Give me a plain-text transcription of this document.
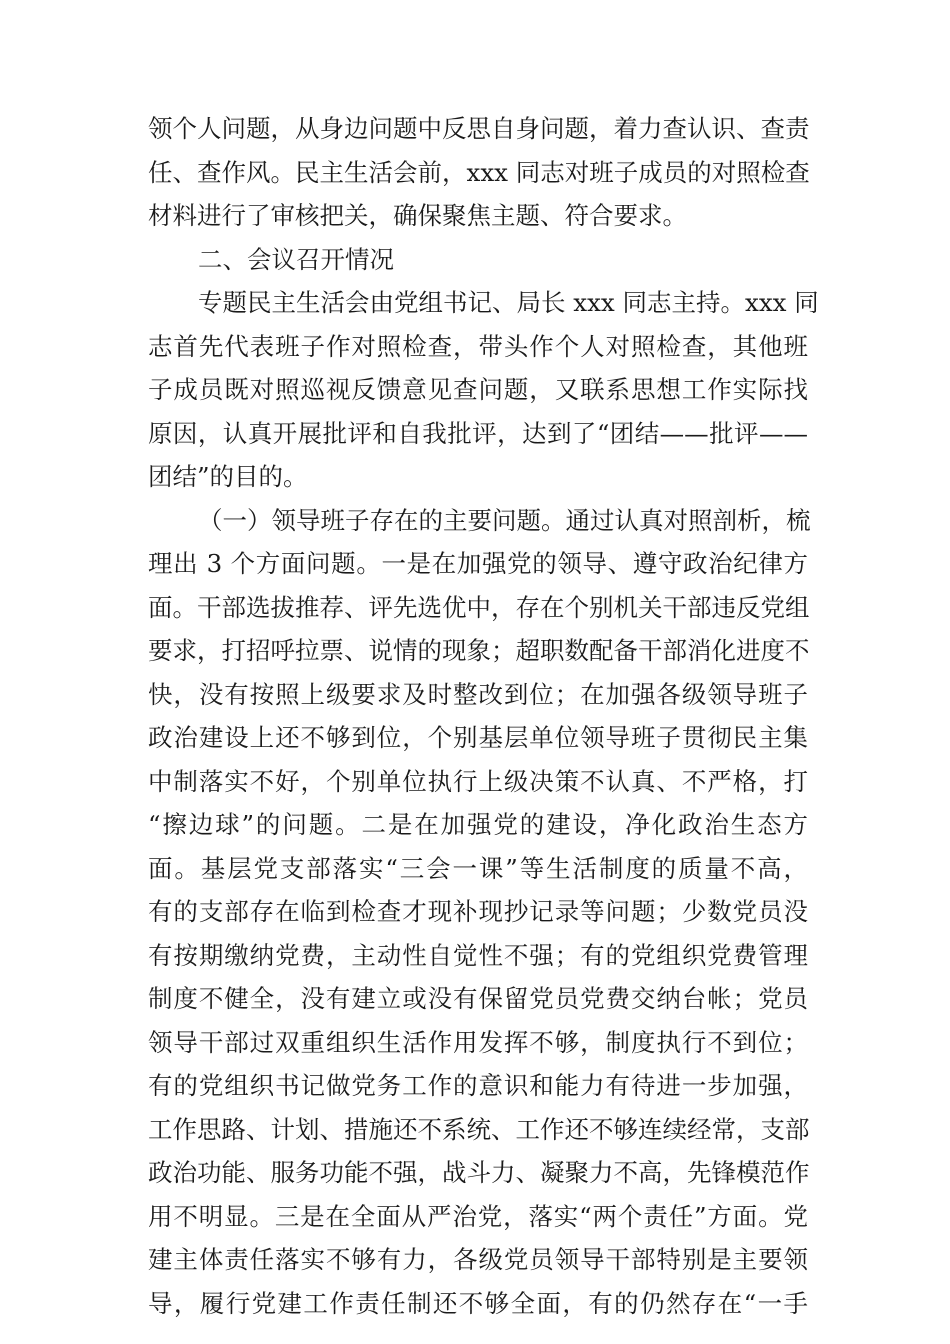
领个人问题，从身边问题中反思自身问题，着力查认识、查责
任、查作风。民主生活会前，xxx 同志对班子成员的对照检查
材料进行了审核把关，确保聚焦主题、符合要求。
二、会议召开情况
专题民主生活会由党组书记、局长 xxx 同志主持。xxx 同
志首先代表班子作对照检查，带头作个人对照检查，其他班
子成员既对照巡视反馈意见查问题，又联系思想工作实际找
原因，认真开展批评和自我批评，达到了“团结——批评——
团结”的目的。
（一）领导班子存在的主要问题。通过认真对照剖析，梳
理出 3 个方面问题。一是在加强党的领导、遵守政治纪律方
面。干部选拔推荐、评先选优中，存在个别机关干部违反党组
要求，打招呼拉票、说情的现象；超职数配备干部消化进度不
快，没有按照上级要求及时整改到位；在加强各级领导班子
政治建设上还不够到位，个别基层单位领导班子贯彻民主集
中制落实不好，个别单位执行上级决策不认真、不严格，打
“擦边球”的问题。二是在加强党的建设，净化政治生态方
面。基层党支部落实“三会一课”等生活制度的质量不高，
有的支部存在临到检查才现补现抄记录等问题；少数党员没
有按期缴纳党费，主动性自觉性不强；有的党组织党费管理
制度不健全，没有建立或没有保留党员党费交纳台帐；党员
领导干部过双重组织生活作用发挥不够，制度执行不到位；
有的党组织书记做党务工作的意识和能力有待进一步加强，
工作思路、计划、措施还不系统、工作还不够连续经常，支部
政治功能、服务功能不强，战斗力、凝聚力不高，先锋模范作
用不明显。三是在全面从严治党，落实“两个责任”方面。党
建主体责任落实不够有力，各级党员领导干部特别是主要领
导，履行党建工作责任制还不够全面，有的仍然存在“一手
